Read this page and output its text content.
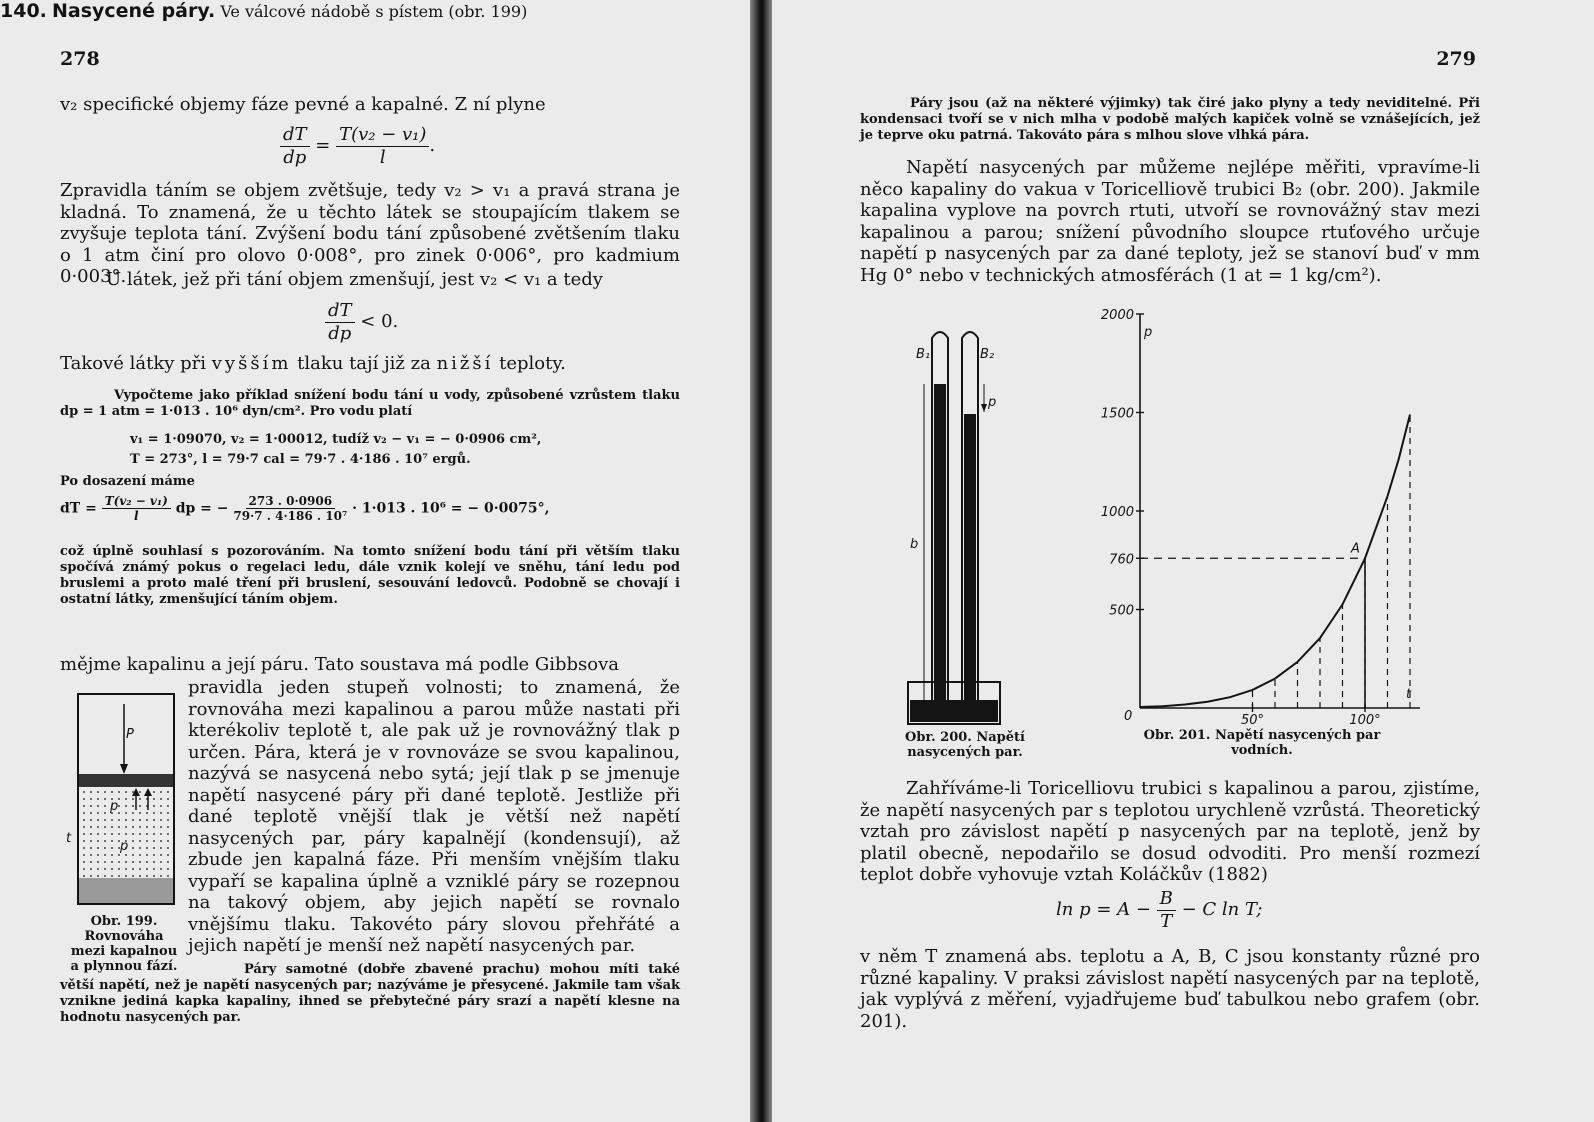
278

v₂ specifické objemy fáze pevné a kapalné. Z ní plyne

$\frac{dT}{dp} = \frac{\text{T(v₂ − v₁)}}{l}$ .

Zpravidla táním se objem zvětšuje, tedy v₂ > v₁ a pravá strana je kladná. To znamená, že u těchto látek se stoupajícím tlakem se zvyšuje teplota tání. Zvýšení bodu tání způsobené zvětšením tlaku o 1 atm činí pro olovo 0·008°, pro zinek 0·006°, pro kadmium 0·003°.

U látek, jež při tání objem zmenšují, jest v₂ < v₁ a tedy

$\frac{dT}{dp} < 0$.

Takové látky při vyšším tlaku tají již za nižší teploty.

Vypočteme jako příklad snížení bodu tání u vody, způsobené vzrůstem tlaku dp = 1 atm = 1·013 . 10⁶ dyn/cm². Pro vodu platí

v₁ = 1·09070, v₂ = 1·00012, tudíž v₂ − v₁ = − 0·0906 cm²,

T = 273°, l = 79·7 cal = 79·7 . 4·186 . 10⁷ ergů.

Po dosazení máme

dT = $\frac{\text{T(v₂ − v₁)}}{l}$ dp = − $\frac{273 . 0\cdot 0906}{\text{79·7 . 4·186 . 10⁷}} \cdot 1\cdot 013$ . 10⁶ = − 0·0075°,

což úplně souhlasí s pozorováním. Na tomto snížení bodu tání při větším tlaku spočívá známý pokus o regelaci ledu, dále vznik kolejí ve sněhu, tání ledu pod bruslemi a proto malé tření při bruslení, sesouvání ledovců. Podobně se chovají i ostatní látky, zmenšující táním objem.

140. Nasycené páry. Ve válcové nádobě s pístem (obr. 199)

mějme kapalinu a její páru. Tato soustava má podle Gibbsova

pravidla jeden stupeň volnosti; to znamená, že rovnováha mezi kapalinou a parou může nastati při kterékoliv teplotě t, ale pak už je rovnovážný tlak p určen. Pára, která je v rovnováze se svou kapalinou, nazývá se nasycená nebo sytá; její tlak p se jmenuje napětí nasycené páry při dané teplotě. Jestliže při dané teplotě vnější tlak je větší než napětí nasycených par, páry kapalnějí (kondensují), až zbude jen kapalná fáze. Při menším vnějším tlaku vypaří se kapalina úplně a vzniklé páry se rozepnou na takový objem, aby jejich napětí se rovnalo vnějšímu tlaku. Takovéto páry slovou přehřáté a jejich napětí je menší než napětí nasycených par.

P
p
p
t
Obr. 199.
Rovnováha
mezi kapalnou
a plynnou fází.	Páry samotné (dobře zbavené prachu) mohou míti také větší napětí, než je napětí nasycených par; nazýváme je přesycené. Jakmile tam však vznikne jediná kapka kapaliny, ihned se přebytečné páry srazí a napětí klesne na hodnotu nasycených par.

279

Páry jsou (až na některé výjimky) tak čiré jako plyny a tedy neviditelné. Při kondensaci tvoří se v nich mlha v podobě malých kapiček volně se vznášejících, jež je teprve oku patrná. Takováto pára s mlhou slove vlhká pára.

Napětí nasycených par můžeme nejlépe měřiti, vpravíme-li něco kapaliny do vakua v Toricelliově trubici B₂ (obr. 200). Jakmile kapalina vyplove na povrch rtuti, utvoří se rovnovážný stav mezi kapalinou a parou; snížení původního sloupce rtuťového určuje napětí p nasycených par za dané teploty, jež se stanoví buď v mm Hg 0° nebo v technických atmosférách (1 at = 1 kg/cm²).

B₁	B₂
p
b
Obr. 200. Napětí
nasycených par.
500
760
1000
1500
2000
50°	100°
0
p
t
A
Obr. 201. Napětí nasycených par
vodních.

Zahříváme-li Toricelliovu trubici s kapalinou a parou, zjistíme, že napětí nasycených par s teplotou urychleně vzrůstá. Theoretický vztah pro závislost napětí p nasycených par na teplotě, jenž by platil obecně, nepodařilo se dosud odvoditi. Pro menší rozmezí teplot dobře vyhovuje vztah Koláčkův (1882)

$\ln p = A - \frac{B}{T} - C$ ln T;

v něm T znamená abs. teplotu a A, B, C jsou konstanty různé pro různé kapaliny. V praksi závislost napětí nasycených par na teplotě, jak vyplývá z měření, vyjadřujeme buď tabulkou nebo grafem (obr. 201).
